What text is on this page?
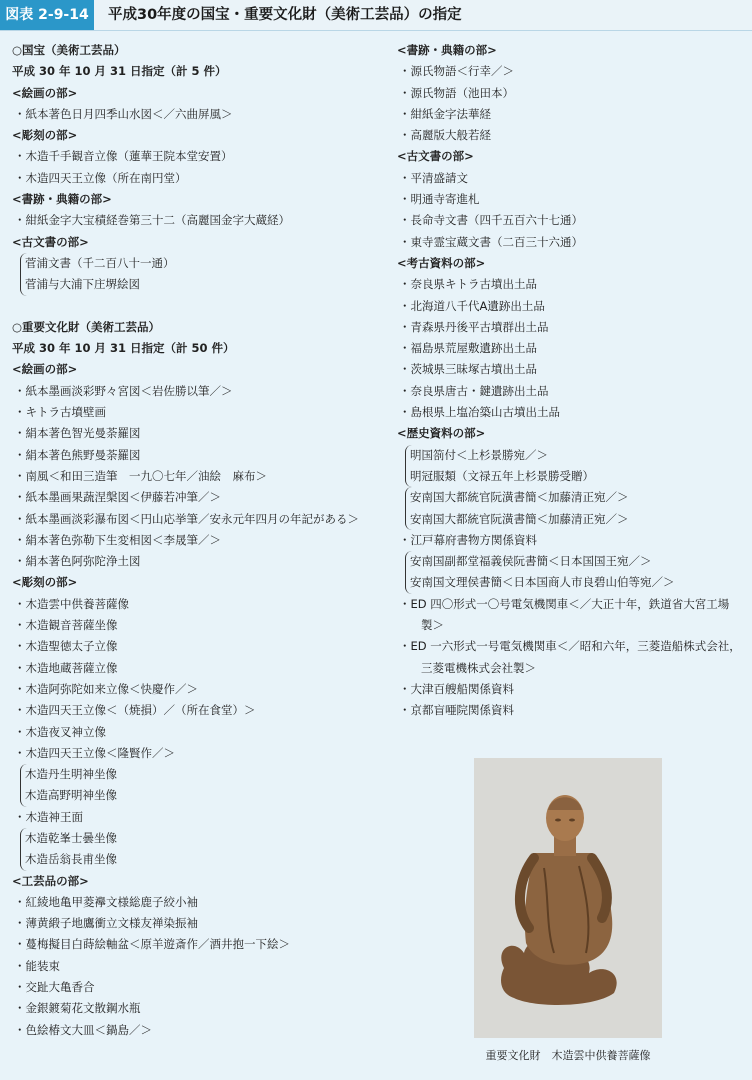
図表 2-9-14	平成30年度の国宝・重要文化財（美術工芸品）の指定
○国宝（美術工芸品）
平成 30 年 10 月 31 日指定（計 5 件）
<絵画の部>
・紙本著色日月四季山水図＜／六曲屏風＞
<彫刻の部>
・木造千手観音立像（蓮華王院本堂安置）
・木造四天王立像（所在南円堂）
<書跡・典籍の部>
・紺紙金字大宝積経巻第三十二（高麗国金字大蔵経）
<古文書の部>
菅浦文書（千二百八十一通）
菅浦与大浦下庄堺絵図
○重要文化財（美術工芸品）
平成 30 年 10 月 31 日指定（計 50 件）
<絵画の部>
・紙本墨画淡彩野々宮図＜岩佐勝以筆／＞
・キトラ古墳壁画
・絹本著色智光曼荼羅図
・絹本著色熊野曼荼羅図
・南風＜和田三造筆　一九〇七年／油絵　麻布＞
・紙本墨画果蔬涅槃図＜伊藤若冲筆／＞
・紙本墨画淡彩瀑布図＜円山応挙筆／安永元年四月の年記がある＞
・絹本著色弥勒下生変相図＜李晟筆／＞
・絹本著色阿弥陀浄土図
<彫刻の部>
・木造雲中供養菩薩像
・木造観音菩薩坐像
・木造聖徳太子立像
・木造地蔵菩薩立像
・木造阿弥陀如来立像＜快慶作／＞
・木造四天王立像＜（焼損）／（所在食堂）＞
・木造夜叉神立像
・木造四天王立像＜隆賢作／＞
木造丹生明神坐像
木造高野明神坐像
・木造神王面
木造乾峯士曇坐像
木造岳翁長甫坐像
<工芸品の部>
・紅綾地亀甲菱襷文様総鹿子絞小袖
・薄黄緞子地鷹衝立文様友禅染振袖
・蔓梅擬目白蒔絵軸盆＜原羊遊斎作／酒井抱一下絵＞
・能装束
・交趾大亀香合
・金銀鍍菊花文散鋼水瓶
・色絵椿文大皿＜鍋島／＞
<書跡・典籍の部>
・源氏物語＜行幸／＞
・源氏物語（池田本）
・紺紙金字法華経
・高麗版大般若経
<古文書の部>
・平清盛請文
・明通寺寄進札
・長命寺文書（四千五百六十七通）
・東寺霊宝蔵文書（二百三十六通）
<考古資料の部>
・奈良県キトラ古墳出土品
・北海道八千代A遺跡出土品
・青森県丹後平古墳群出土品
・福島県荒屋敷遺跡出土品
・茨城県三昧塚古墳出土品
・奈良県唐古・鍵遺跡出土品
・島根県上塩冶築山古墳出土品
<歴史資料の部>
明国箚付＜上杉景勝宛／＞
明冠服類（文禄五年上杉景勝受贈）
安南国大都統官阮潢書簡＜加藤清正宛／＞
安南国大都統官阮潢書簡＜加藤清正宛／＞
・江戸幕府書物方関係資料
安南国副都堂福義侯阮書簡＜日本国国王宛／＞
安南国文理侯書簡＜日本国商人市良碧山伯等宛／＞
・ED 四〇形式一〇号電気機関車＜／大正十年，鉄道省大宮工場
製＞
・ED 一六形式一号電気機関車＜／昭和六年，三菱造船株式会社，
三菱電機株式会社製＞
・大津百艘船関係資料
・京都盲唖院関係資料
重要文化財　木造雲中供養菩薩像
